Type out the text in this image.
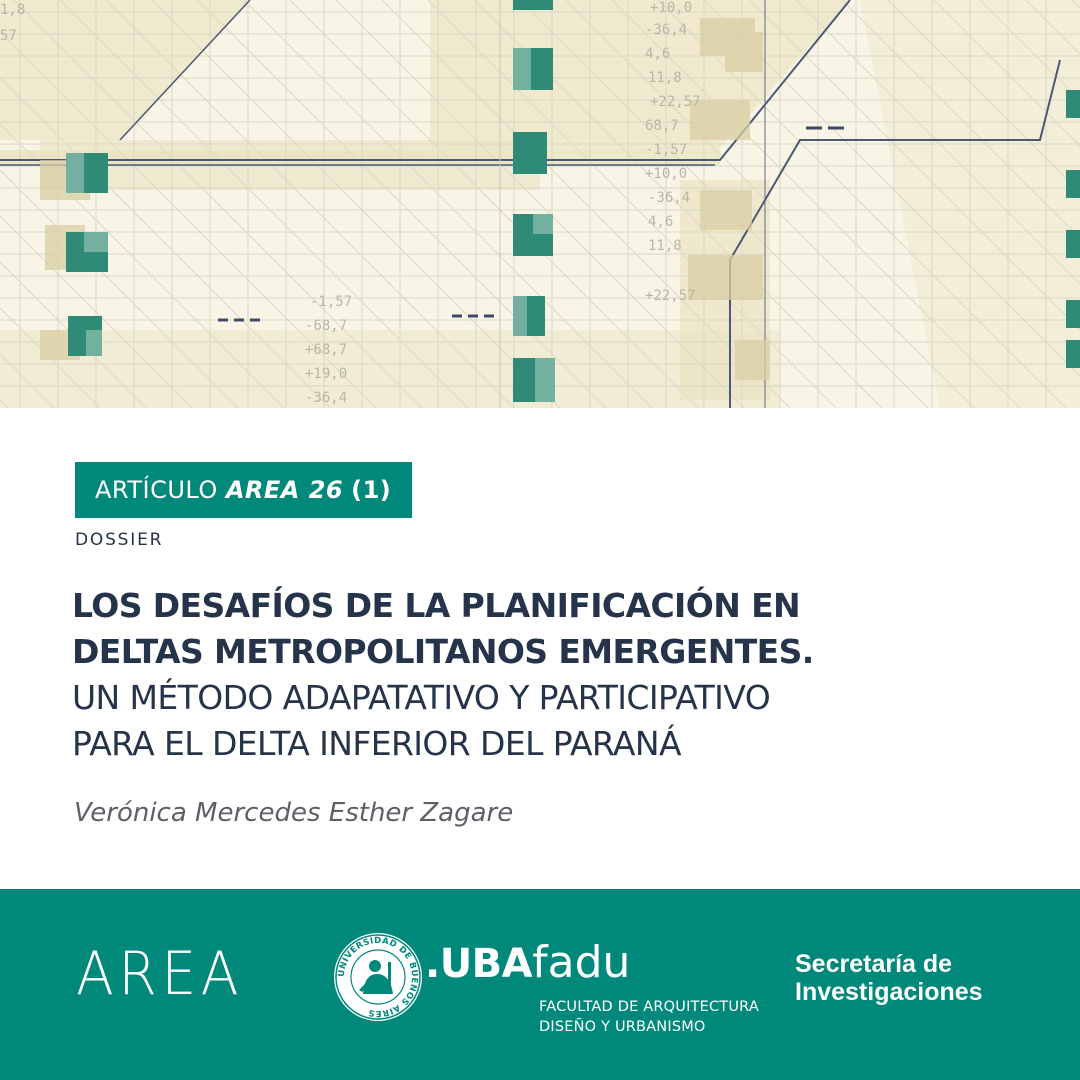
1,8
57
+10,0
-36,4
4,6
11,8
+22,57
68,7
-1,57
+10,0
-36,4
4,6
11,8
+22,57
-1,57
-68,7
+68,7
+19,0
-36,4
ARTÍCULO AREA 26 (1)
DOSSIER
LOS DESAFÍOS DE LA PLANIFICACIÓN EN
DELTAS METROPOLITANOS EMERGENTES.
UN MÉTODO ADAPATATIVO Y PARTICIPATIVO
PARA EL DELTA INFERIOR DEL PARANÁ
Verónica Mercedes Esther Zagare
AREA	UNIVERSIDAD DE BUENOS AIRES
.UBAfadu
FACULTAD DE ARQUITECTURA
DISEÑO Y URBANISMO
Secretaría de
Investigaciones
